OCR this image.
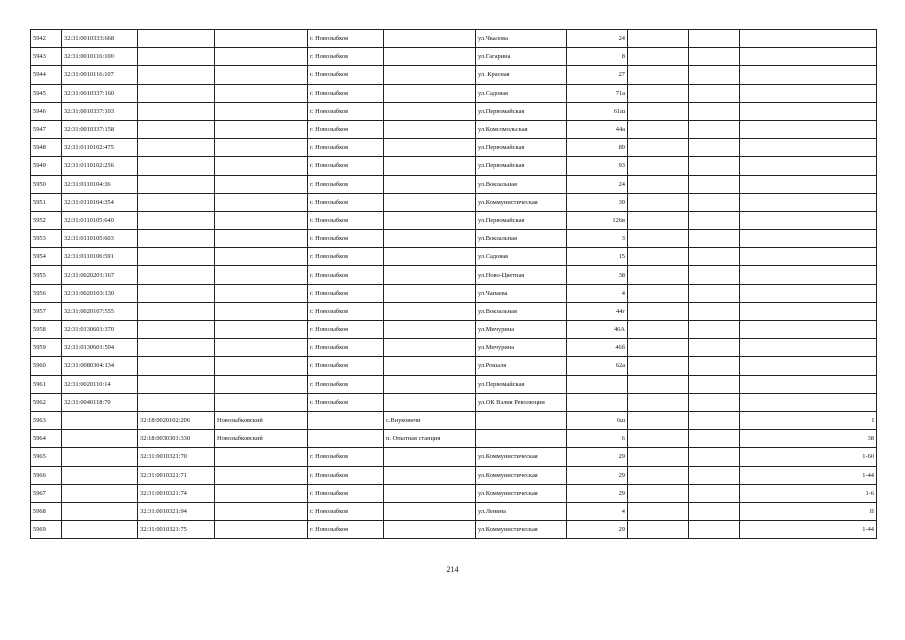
5942	32:31:0010333:668			г. Новозыбков		ул.Чкалова	24			
5943	32:31:0010116:100			г. Новозыбков		ул.Гагарина	8			
5944	32:31:0010116:107			г. Новозыбков		ул. Красная	27			
5945	32:31:0010337:160			г. Новозыбков		ул.Садовая	71а			
5946	32:31:0010337:103			г. Новозыбков		ул.Первомайская	61ш			
5947	32:31:0010337:158			г. Новозыбков		ул.Комсомольская	44а			
5948	32:31:0110102:475			г. Новозыбков		ул.Первомайская	89			
5949	32:31:0110102:256			г. Новозыбков		ул.Первомайская	93			
5950	32:31:0110104:36			г. Новозыбков		ул.Вокзальная	24			
5951	32:31:0110104:354			г. Новозыбков		ул.Коммунистическая	39			
5952	32:31:0110105:640			г. Новозыбков		ул.Первомайская	126в			
5953	32:31:0110105:603			г. Новозыбков		ул.Вокзальная	3			
5954	32:31:0110106:591			г. Новозыбков		ул.Садовая	15			
5955	32:31:0020201:167			г. Новозыбков		ул.Ново-Цветная	38			
5956	32:31:0020103:130			г. Новозыбков		ул.Чапаева	4			
5957	32:31:0020107:555			г. Новозыбков		ул.Вокзальная	44г			
5958	32:31:0130601:370			г. Новозыбков		ул.Мичурина	46А			
5959	32:31:0130601:594			г. Новозыбков		ул.Мичурина	46б			
5960	32:31:0080304:134			г. Новозыбков		ул.Рошаля	62а			
5961	32:31:0020110:14			г. Новозыбков		ул.Первомайская				
5962	32:31:0040118:70			г. Новозыбков		ул.ОК Вэлия Революции				
5963		32:18:0020102:206	Новозыбковский		с.Внуковичи		6ш			I
5964		32:18:0030301:330	Новозыбковский		п. Опытная станция		6			38
5965		32:31:0010321:70		г. Новозыбков		ул.Коммунистическая	29			1-60
5966		32:31:0010321:71		г. Новозыбков		ул.Коммунистическая	29			1-44
5967		32:31:0010321:74		г. Новозыбков		ул.Коммунистическая	29			1-6
5968		32:31:0010321:94		г. Новозыбков		ул.Ленина	4			II
5969		32:31:0010321:75		г. Новозыбков		ул.Коммунистическая	29			1-44
214
